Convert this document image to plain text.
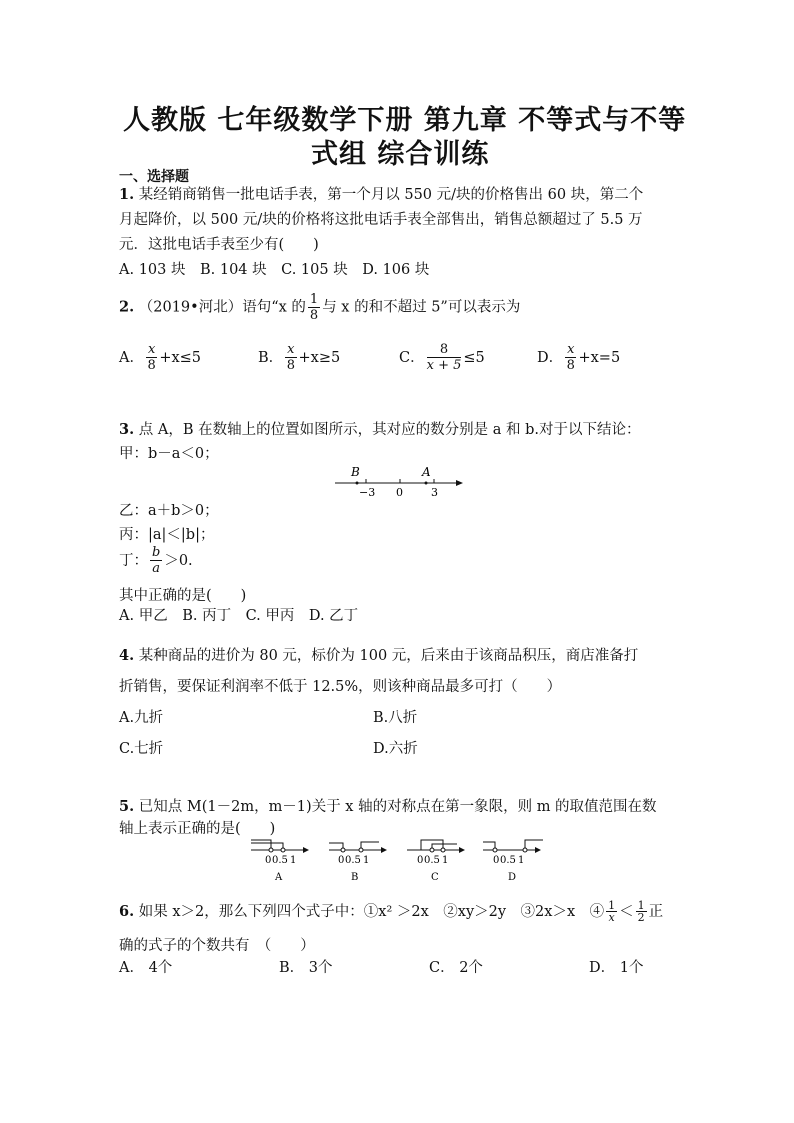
人教版 七年级数学下册 第九章 不等式与不等
式组 综合训练
一、选择题
1. 某经销商销售一批电话手表，第一个月以 550 元/块的价格售出 60 块，第二个
月起降价，以 500 元/块的价格将这批电话手表全部售出，销售总额超过了 5.5 万
元．这批电话手表至少有(　　)
A. 103 块　B. 104 块　C. 105 块　D. 106 块
2. （2019•河北）语句“x 的 $\frac{1}{8}$ 与 x 的和不超过 5”可以表示为
A． $\frac{x}{8} +x\le 5$	B． $\frac{x}{8} +x\ge 5$	C． $\frac{8}{x + 5} \le 5$	D． $\frac{x}{8} +x=5$
3. 点 A，B 在数轴上的位置如图所示，其对应的数分别是 a 和 b.对于以下结论：
甲：b－a＜0；
B	A
−3 0	3
乙：a＋b＞0；
丙：|a|＜|b|；
丁： $\frac{b}{a} >0$.
其中正确的是(　　)
A. 甲乙　B. 丙丁　C. 甲丙　D. 乙丁
4. 某种商品的进价为 80 元，标价为 100 元，后来由于该商品积压，商店准备打
折销售，要保证利润率不低于 12.5%，则该种商品最多可打（　　）
A.九折	B.八折
C.七折	D.六折
5. 已知点 M(1－2m，m－1)关于 x 轴的对称点在第一象限，则 m 的取值范围在数
轴上表示正确的是(　　)
0 0.5 1
A
0 0.5 1
B
0 0.5 1
C
0 0.5 1
D
6.
如果 x＞2，那么下列四个式子中：①x² ＞2x　②xy＞2y　③2x＞x　④ $\frac{1}{x} < \frac{1}{2}$ 正
确的式子的个数共有　（　　）
A． 4个	B． 3个	C． 2个	D． 1个
